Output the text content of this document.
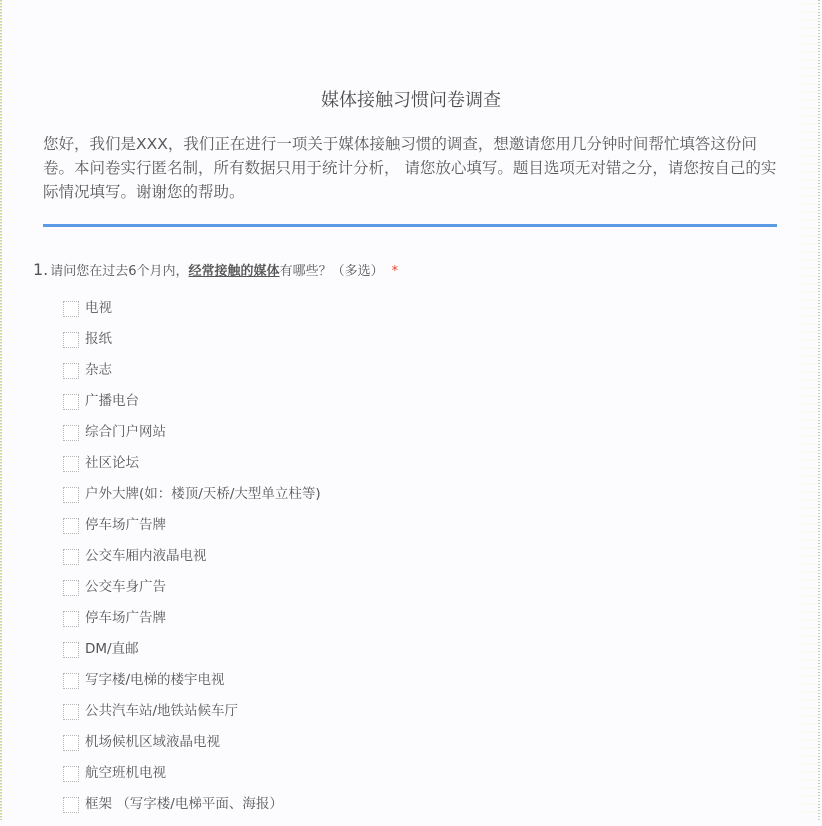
媒体接触习惯问卷调查
您好，我们是XXX，我们正在进行一项关于媒体接触习惯的调查，想邀请您用几分钟时间帮忙填答这份问卷。本问卷实行匿名制，所有数据只用于统计分析， 请您放心填写。题目选项无对错之分，请您按自己的实际情况填写。谢谢您的帮助。
1. 请问您在过去6个月内，经常接触的媒体有哪些？（多选） *
电视
报纸
杂志
广播电台
综合门户网站
社区论坛
户外大牌(如：楼顶/天桥/大型单立柱等)
停车场广告牌
公交车厢内液晶电视
公交车身广告
停车场广告牌
DM/直邮
写字楼/电梯的楼宇电视
公共汽车站/地铁站候车厅
机场候机区域液晶电视
航空班机电视
框架 （写字楼/电梯平面、海报）
